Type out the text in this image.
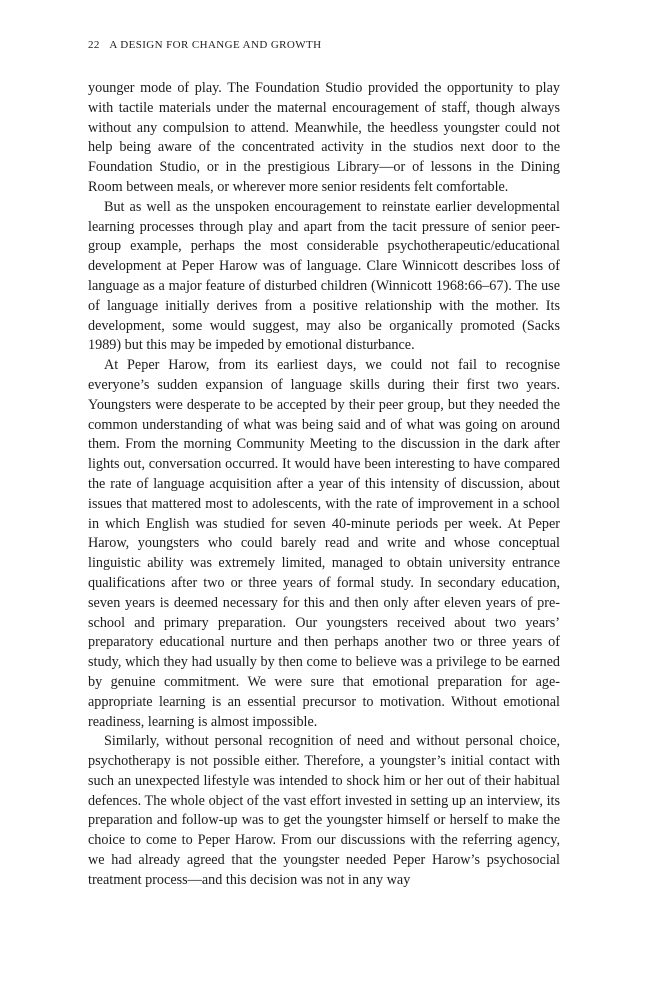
22 A DESIGN FOR CHANGE AND GROWTH

younger mode of play. The Foundation Studio provided the opportunity to play with tactile materials under the maternal encouragement of staff, though always without any compulsion to attend. Meanwhile, the heedless youngster could not help being aware of the concentrated activity in the studios next door to the Foundation Studio, or in the prestigious Library—or of lessons in the Dining Room between meals, or wherever more senior residents felt comfortable.

But as well as the unspoken encouragement to reinstate earlier developmental learning processes through play and apart from the tacit pressure of senior peer-group example, perhaps the most considerable psychotherapeutic/educational development at Peper Harow was of language. Clare Winnicott describes loss of language as a major feature of disturbed children (Winnicott 1968:66–67). The use of language initially derives from a positive relationship with the mother. Its development, some would suggest, may also be organically promoted (Sacks 1989) but this may be impeded by emotional disturbance.

At Peper Harow, from its earliest days, we could not fail to recognise everyone’s sudden expansion of language skills during their first two years. Youngsters were desperate to be accepted by their peer group, but they needed the common understanding of what was being said and of what was going on around them. From the morning Community Meeting to the discussion in the dark after lights out, conversation occurred. It would have been interesting to have compared the rate of language acquisition after a year of this intensity of discussion, about issues that mattered most to adolescents, with the rate of improvement in a school in which English was studied for seven 40-minute periods per week. At Peper Harow, youngsters who could barely read and write and whose conceptual linguistic ability was extremely limited, managed to obtain university entrance qualifications after two or three years of formal study. In secondary education, seven years is deemed necessary for this and then only after eleven years of pre-school and primary preparation. Our youngsters received about two years’ preparatory educational nurture and then perhaps another two or three years of study, which they had usually by then come to believe was a privilege to be earned by genuine commitment. We were sure that emotional preparation for age-appropriate learning is an essential precursor to motivation. Without emotional readiness, learning is almost impossible.

Similarly, without personal recognition of need and without personal choice, psychotherapy is not possible either. Therefore, a youngster’s initial contact with such an unexpected lifestyle was intended to shock him or her out of their habitual defences. The whole object of the vast effort invested in setting up an interview, its preparation and follow-up was to get the youngster himself or herself to make the choice to come to Peper Harow. From our discussions with the referring agency, we had already agreed that the youngster needed Peper Harow’s psychosocial treatment process—and this decision was not in any way
